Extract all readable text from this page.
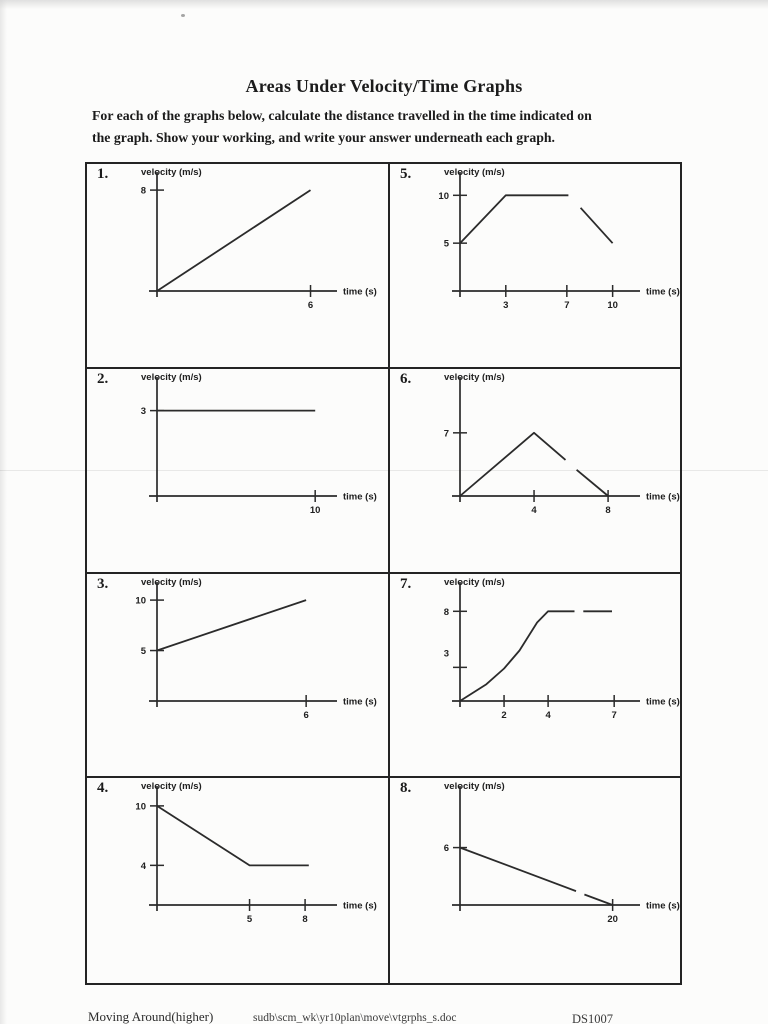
Areas Under Velocity/Time Graphs

For each of the graphs below, calculate the distance travelled in the time indicated on
the graph. Show your working, and write your answer underneath each graph.

1.	velocity (m/s)
time (s)
6
8
5.	velocity (m/s)
time (s)
3	7	10
5
10
2.	velocity (m/s)
time (s)
10
3
6.	velocity (m/s)
time (s)
4	8
7
3.	velocity (m/s)
time (s)
6
5
10
7.	velocity (m/s)
time (s)
2	4	7
8
3
4.	velocity (m/s)
time (s)
5	8
10
4
8.	velocity (m/s)
time (s)
20
6
Moving Around(higher)	sudb\scm_wk\yr10plan\move\vtgrphs_s.doc	DS1007
